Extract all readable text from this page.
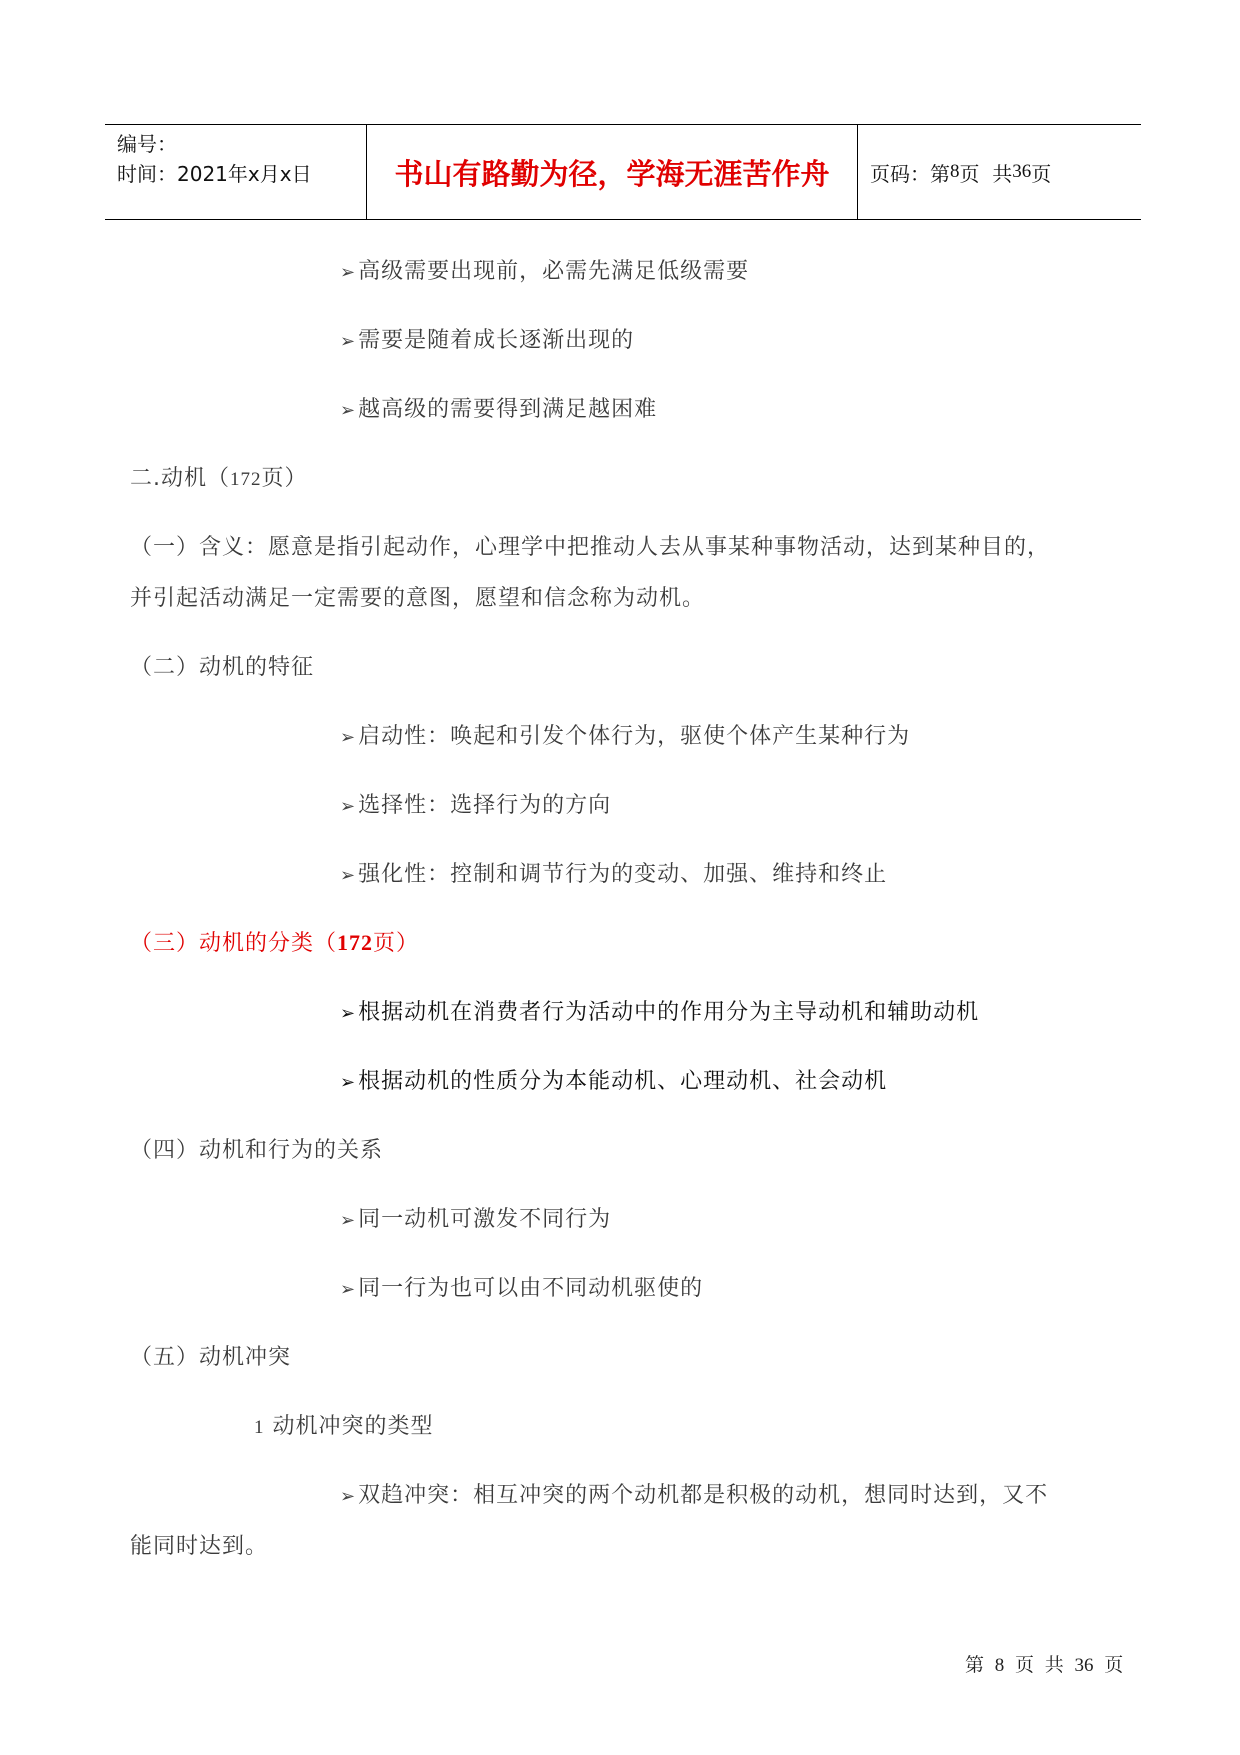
编号：
时间：2021年x月x日	书山有路勤为径，学海无涯苦作舟	页码：第 8 页  共 36 页
➢高级需要出现前，必需先满足低级需要
➢需要是随着成长逐渐出现的
➢越高级的需要得到满足越困难
二.动机（172页）
（一）含义：愿意是指引起动作，心理学中把推动人去从事某种事物活动，达到某种目的，
并引起活动满足一定需要的意图，愿望和信念称为动机。
（二）动机的特征
➢启动性：唤起和引发个体行为，驱使个体产生某种行为
➢选择性：选择行为的方向
➢强化性：控制和调节行为的变动、加强、维持和终止
（三）动机的分类（172页）
➢根据动机在消费者行为活动中的作用分为主导动机和辅助动机
➢根据动机的性质分为本能动机、心理动机、社会动机
（四）动机和行为的关系
➢同一动机可激发不同行为
➢同一行为也可以由不同动机驱使的
（五）动机冲突
1 动机冲突的类型
➢双趋冲突：相互冲突的两个动机都是积极的动机，想同时达到，又不
能同时达到。
第 8 页 共 36 页
